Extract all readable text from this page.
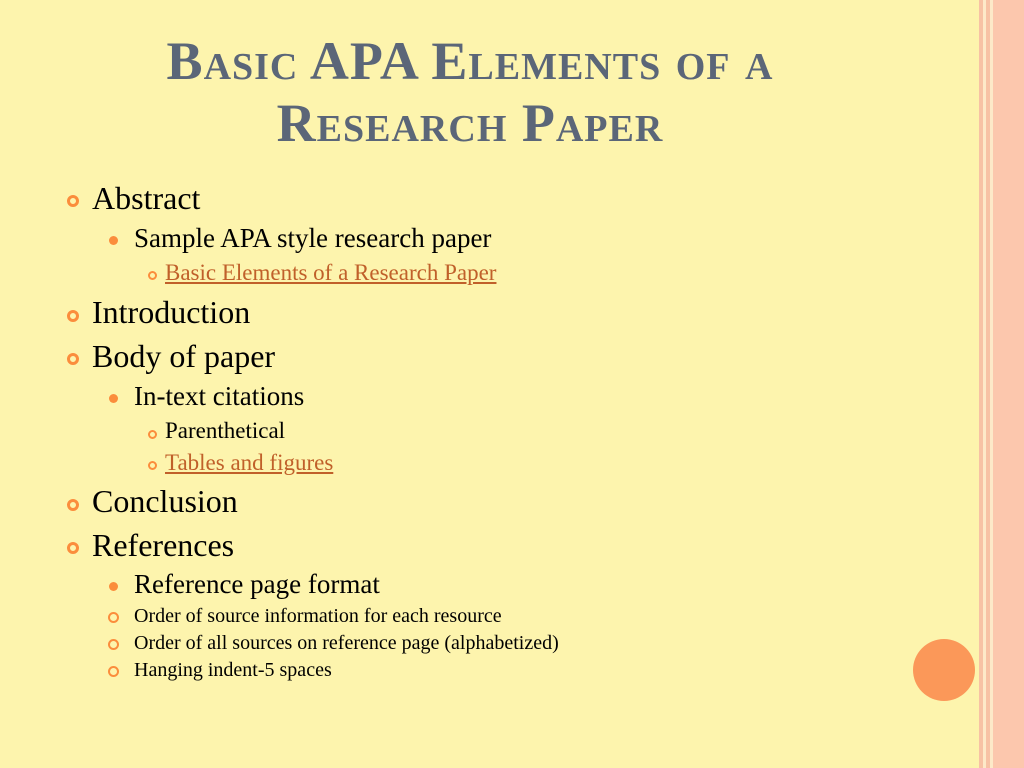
Basic APA Elements of a
Research Paper
Abstract
Sample APA style research paper
Basic Elements of a Research Paper
Introduction
Body of paper
In-text citations
Parenthetical
Tables and figures
Conclusion
References
Reference page format
Order of source information for each resource
Order of all sources on reference page (alphabetized)
Hanging indent-5 spaces
